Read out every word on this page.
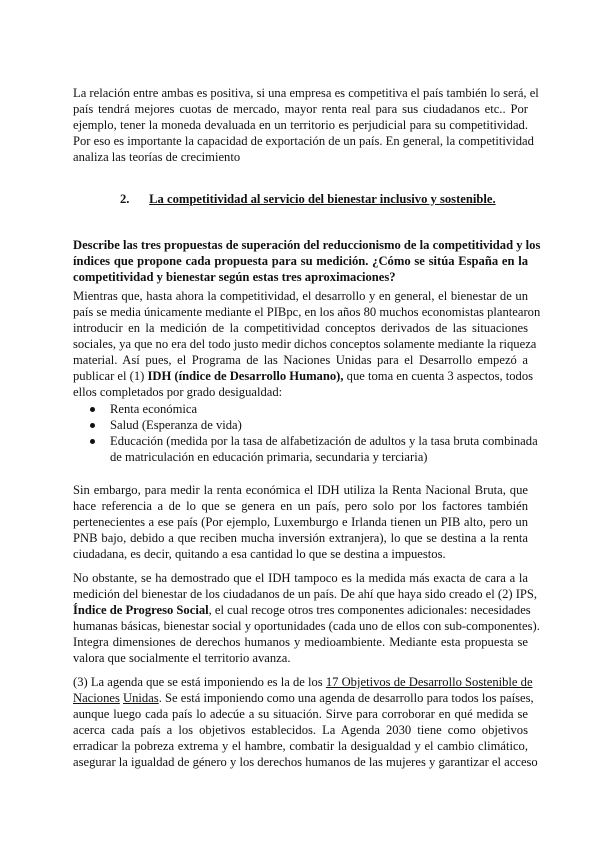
La relación entre ambas es positiva, si una empresa es competitiva el país también lo será, el
país tendrá mejores cuotas de mercado, mayor renta real para sus ciudadanos etc.. Por
ejemplo, tener la moneda devaluada en un territorio es perjudicial para su competitividad.
Por eso es importante la capacidad de exportación de un país. En general, la competitividad
analiza las teorías de crecimiento
2. La competitividad al servicio del bienestar inclusivo y sostenible.
Describe las tres propuestas de superación del reduccionismo de la competitividad y los
índices que propone cada propuesta para su medición. ¿Cómo se sitúa España en la
competitividad y bienestar según estas tres aproximaciones?
Mientras que, hasta ahora la competitividad, el desarrollo y en general, el bienestar de un
país se media únicamente mediante el PIBpc, en los años 80 muchos economistas plantearon
introducir en la medición de la competitividad conceptos derivados de las situaciones
sociales, ya que no era del todo justo medir dichos conceptos solamente mediante la riqueza
material. Así pues, el Programa de las Naciones Unidas para el Desarrollo empezó a
publicar el (1) IDH (índice de Desarrollo Humano), que toma en cuenta 3 aspectos, todos
ellos completados por grado desigualdad:
Renta económica
Salud (Esperanza de vida)
Educación (medida por la tasa de alfabetización de adultos y la tasa bruta combinada
de matriculación en educación primaria, secundaria y terciaria)
Sin embargo, para medir la renta económica el IDH utiliza la Renta Nacional Bruta, que
hace referencia a de lo que se genera en un país, pero solo por los factores también
pertenecientes a ese país (Por ejemplo, Luxemburgo e Irlanda tienen un PIB alto, pero un
PNB bajo, debido a que reciben mucha inversión extranjera), lo que se destina a la renta
ciudadana, es decir, quitando a esa cantidad lo que se destina a impuestos.
No obstante, se ha demostrado que el IDH tampoco es la medida más exacta de cara a la
medición del bienestar de los ciudadanos de un país. De ahí que haya sido creado el (2) IPS,
Índice de Progreso Social, el cual recoge otros tres componentes adicionales: necesidades
humanas básicas, bienestar social y oportunidades (cada uno de ellos con sub-componentes).
Integra dimensiones de derechos humanos y medioambiente. Mediante esta propuesta se
valora que socialmente el territorio avanza.
(3) La agenda que se está imponiendo es la de los 17 Objetivos de Desarrollo Sostenible de
Naciones Unidas. Se está imponiendo como una agenda de desarrollo para todos los países,
aunque luego cada país lo adecúe a su situación. Sirve para corroborar en qué medida se
acerca cada país a los objetivos establecidos. La Agenda 2030 tiene como objetivos
erradicar la pobreza extrema y el hambre, combatir la desigualdad y el cambio climático,
asegurar la igualdad de género y los derechos humanos de las mujeres y garantizar el acceso
